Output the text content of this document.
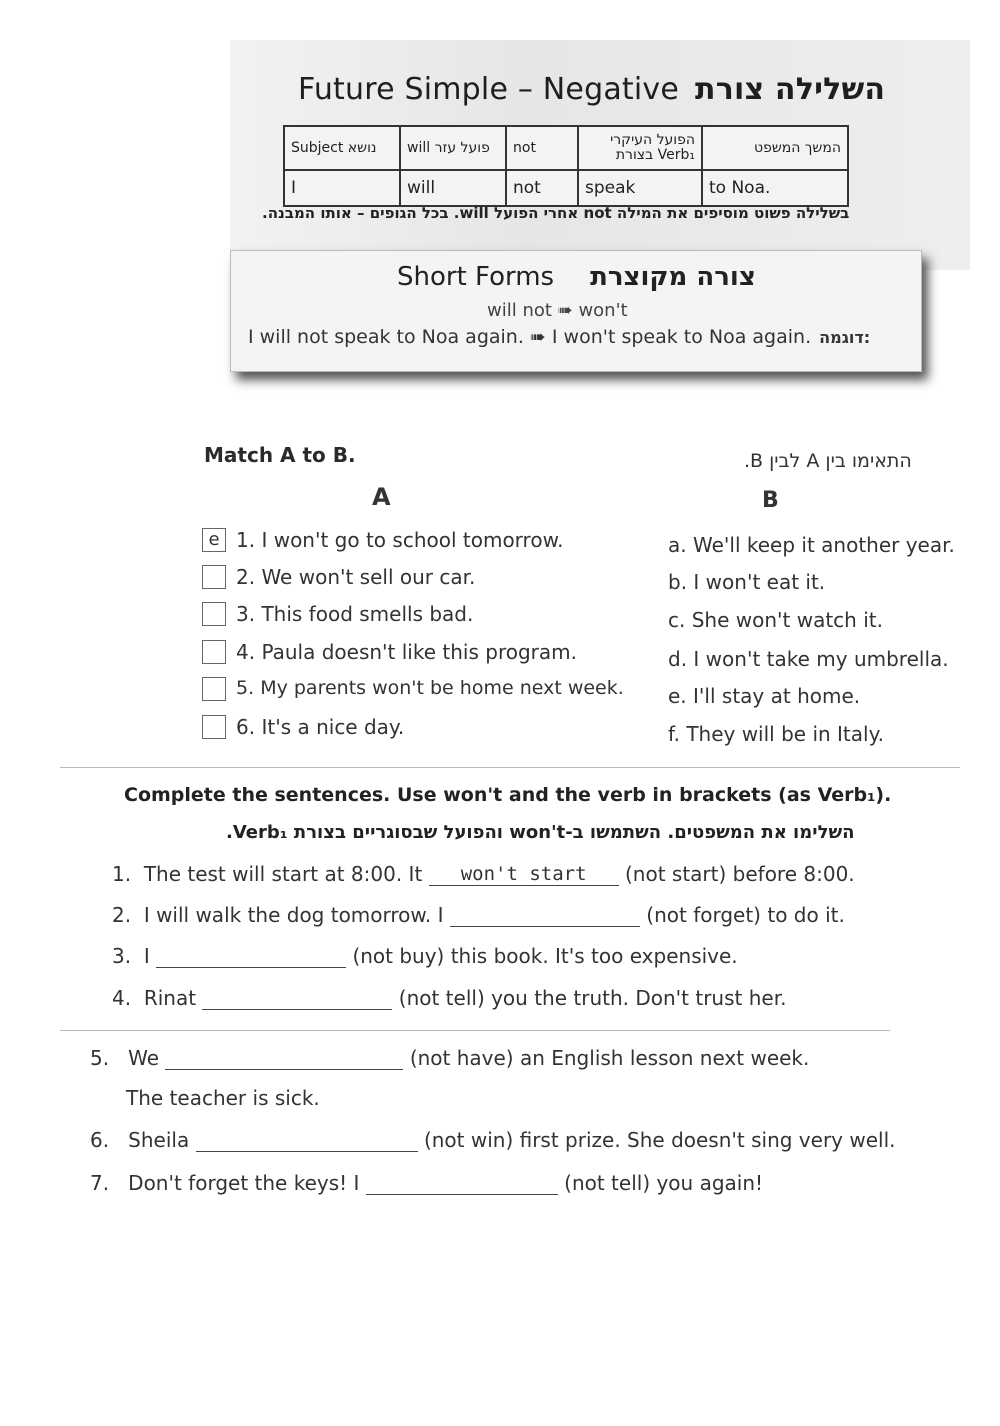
Future Simple – Negative השלילה צורת
Subject נושא	will פועל עזר	not	הפועל העיקרי Verb₁ בצורת	המשך המשפט
I	will	not	speak	to Noa.
בשלילה פשוט מוסיפים את המילה not אחרי הפועל will. בכל הגופים – אותו המבנה.
Short Forms צורה מקוצרת
will not ➠ won't
I will not speak to Noa again. ➠ I won't speak to Noa again. דוגמה:
Match A to B.	התאימו בין A לבין B.
A	B
e 1. I won't go to school tomorrow.
2. We won't sell our car.
3. This food smells bad.
4. Paula doesn't like this program.
5. My parents won't be home next week.
6. It's a nice day.
a. We'll keep it another year.
b. I won't eat it.
c. She won't watch it.
d. I won't take my umbrella.
e. I'll stay at home.
f. They will be in Italy.
Complete the sentences. Use won't and the verb in brackets (as Verb₁).
השלימו את המשפטים. השתמשו ב-won't והפועל שבסוגריים בצורת Verb₁.
1. The test will start at 8:00. It won't start (not start) before 8:00.
2. I will walk the dog tomorrow. I	(not forget) to do it.
3. I	(not buy) this book. It's too expensive.
4. Rinat	(not tell) you the truth. Don't trust her.
5. We	(not have) an English lesson next week.
The teacher is sick.
6. Sheila	(not win) first prize. She doesn't sing very well.
7. Don't forget the keys! I	(not tell) you again!
